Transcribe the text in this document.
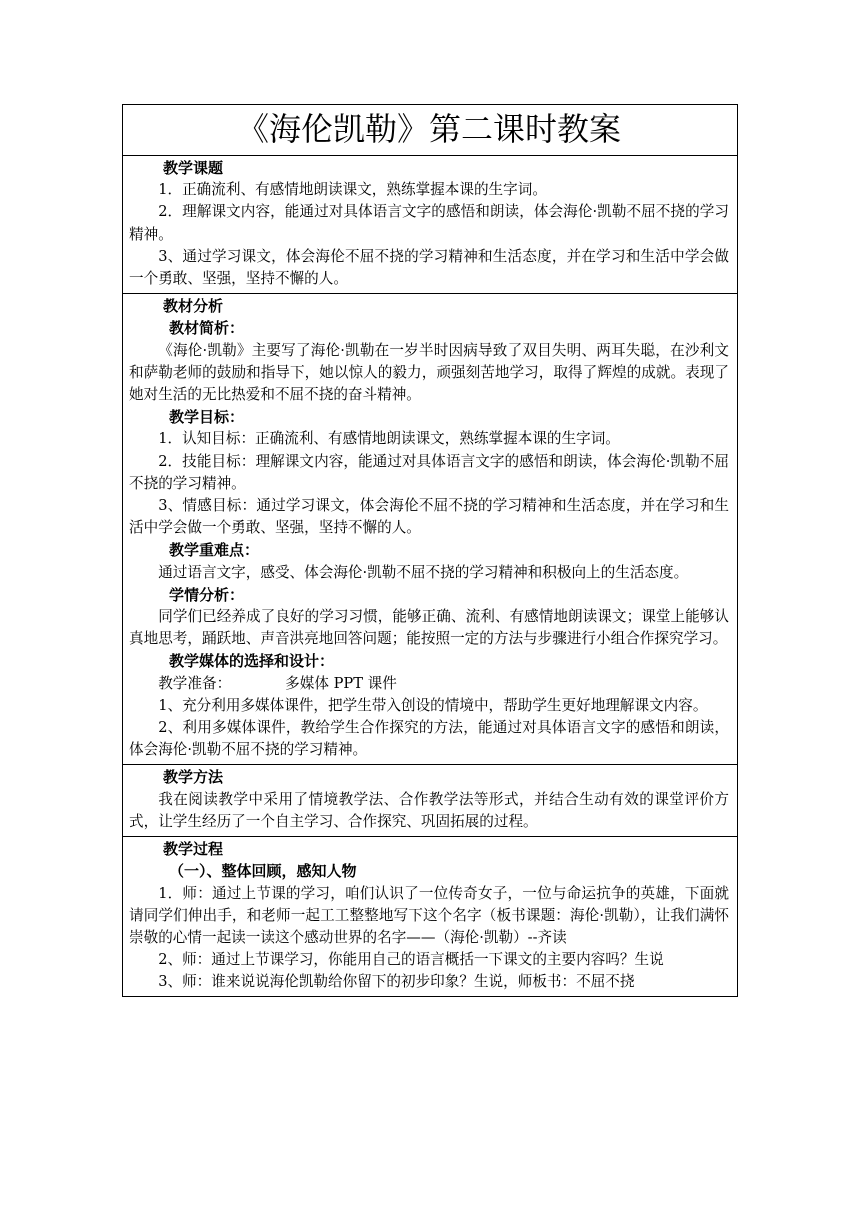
《海伦凯勒》第二课时教案

教学课题

1．正确流利、有感情地朗读课文，熟练掌握本课的生字词。

2．理解课文内容，能通过对具体语言文字的感悟和朗读，体会海伦·凯勒不屈不挠的学习精神。

3、通过学习课文，体会海伦不屈不挠的学习精神和生活态度，并在学习和生活中学会做一个勇敢、坚强，坚持不懈的人。

教材分析
教材简析：

《海伦·凯勒》主要写了海伦·凯勒在一岁半时因病导致了双目失明、两耳失聪，在沙利文和萨勒老师的鼓励和指导下，她以惊人的毅力，顽强刻苦地学习，取得了辉煌的成就。表现了她对生活的无比热爱和不屈不挠的奋斗精神。

教学目标：

1．认知目标：正确流利、有感情地朗读课文，熟练掌握本课的生字词。

2．技能目标：理解课文内容，能通过对具体语言文字的感悟和朗读，体会海伦·凯勒不屈不挠的学习精神。

3、情感目标：通过学习课文，体会海伦不屈不挠的学习精神和生活态度，并在学习和生活中学会做一个勇敢、坚强，坚持不懈的人。

教学重难点：

通过语言文字，感受、体会海伦·凯勒不屈不挠的学习精神和积极向上的生活态度。

学情分析：

同学们已经养成了良好的学习习惯，能够正确、流利、有感情地朗读课文；课堂上能够认真地思考，踊跃地、声音洪亮地回答问题；能按照一定的方法与步骤进行小组合作探究学习。

教学媒体的选择和设计：

教学准备：	多媒体 PPT 课件

1、充分利用多媒体课件，把学生带入创设的情境中，帮助学生更好地理解课文内容。

2、利用多媒体课件，教给学生合作探究的方法，能通过对具体语言文字的感悟和朗读，体会海伦·凯勒不屈不挠的学习精神。

教学方法

我在阅读教学中采用了情境教学法、合作教学法等形式，并结合生动有效的课堂评价方式，让学生经历了一个自主学习、合作探究、巩固拓展的过程。

教学过程
（一）、整体回顾，感知人物

1．师：通过上节课的学习，咱们认识了一位传奇女子，一位与命运抗争的英雄，下面就请同学们伸出手，和老师一起工工整整地写下这个名字（板书课题：海伦·凯勒），让我们满怀崇敬的心情一起读一读这个感动世界的名字——（海伦·凯勒）--齐读

2、师：通过上节课学习，你能用自己的语言概括一下课文的主要内容吗？生说

3、师：谁来说说海伦凯勒给你留下的初步印象？生说，师板书：不屈不挠
